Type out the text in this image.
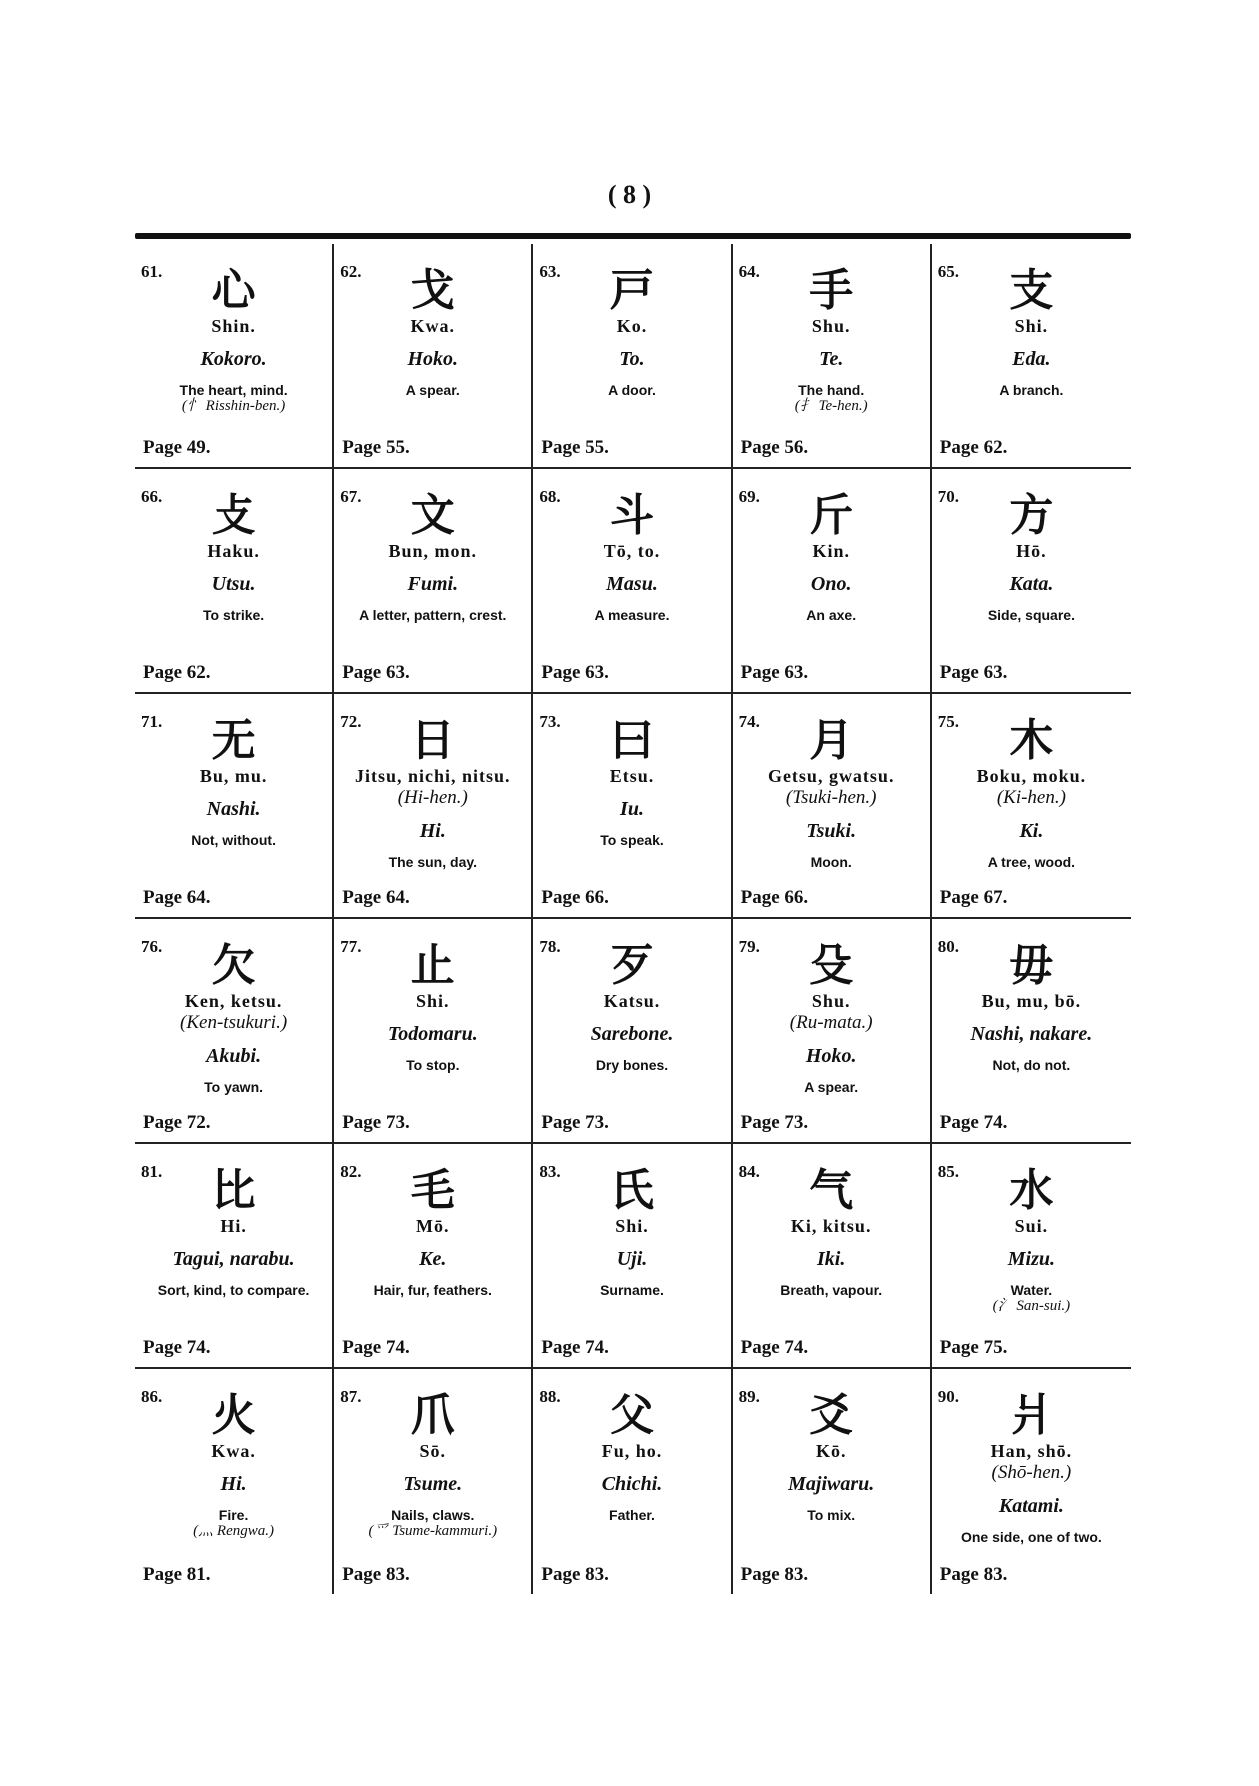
( 8 )
61.	心
Shin.
Kokoro.
The heart, mind.
(忄 Risshin-ben.)
Page 49.
62.	戈
Kwa.
Hoko.
A spear.
Page 55.
63.	戸
Ko.
To.
A door.
Page 55.
64.	手
Shu.
Te.
The hand.
(扌 Te-hen.)
Page 56.
65.	支
Shi.
Eda.
A branch.
Page 62.
66.	攴
Haku.
Utsu.
To strike.
Page 62.
67.	文
Bun, mon.
Fumi.
A letter, pattern, crest.
Page 63.
68.	斗
Tō, to.
Masu.
A measure.
Page 63.
69.	斤
Kin.
Ono.
An axe.
Page 63.
70.	方
Hō.
Kata.
Side, square.
Page 63.
71.	无
Bu, mu.
Nashi.
Not, without.
Page 64.
72.	日
Jitsu, nichi, nitsu.
(Hi-hen.)
Hi.
The sun, day.
Page 64.
73.	曰
Etsu.
Iu.
To speak.
Page 66.
74.	月
Getsu, gwatsu.
(Tsuki-hen.)
Tsuki.
Moon.
Page 66.
75.	木
Boku, moku.
(Ki-hen.)
Ki.
A tree, wood.
Page 67.
76.	欠
Ken, ketsu.
(Ken-tsukuri.)
Akubi.
To yawn.
Page 72.
77.	止
Shi.
Todomaru.
To stop.
Page 73.
78.	歹
Katsu.
Sarebone.
Dry bones.
Page 73.
79.	殳
Shu.
(Ru-mata.)
Hoko.
A spear.
Page 73.
80.	毋
Bu, mu, bō.
Nashi, nakare.
Not, do not.
Page 74.
81.	比
Hi.
Tagui, narabu.
Sort, kind, to compare.
Page 74.
82.	毛
Mō.
Ke.
Hair, fur, feathers.
Page 74.
83.	氏
Shi.
Uji.
Surname.
Page 74.
84.	气
Ki, kitsu.
Iki.
Breath, vapour.
Page 74.
85.	水
Sui.
Mizu.
Water.
(氵 San-sui.)
Page 75.
86.	火
Kwa.
Hi.
Fire.
(灬 Rengwa.)
Page 81.
87.	爪
Sō.
Tsume.
Nails, claws.
(爫 Tsume-kammuri.)
Page 83.
88.	父
Fu, ho.
Chichi.
Father.
Page 83.
89.	爻
Kō.
Majiwaru.
To mix.
Page 83.
90.	爿
Han, shō.
(Shō-hen.)
Katami.
One side, one of two.
Page 83.
